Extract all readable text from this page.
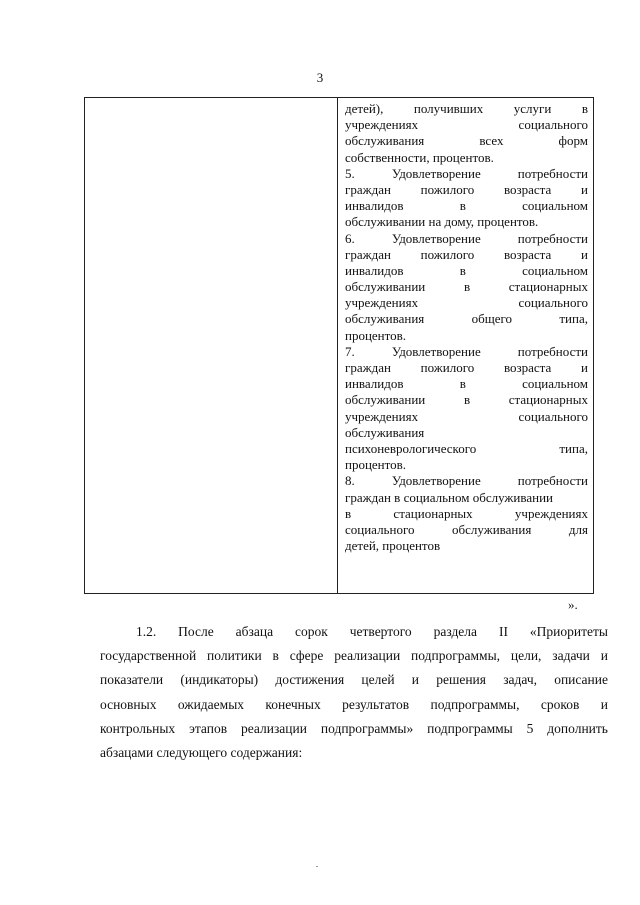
3
детей), получивших услуги в
учреждениях	социального
обслуживания	всех	форм
собственности, процентов.
5.	Удовлетворение	потребности
граждан пожилого возраста и
инвалидов	в	социальном
обслуживании на дому, процентов.
6.	Удовлетворение	потребности
граждан пожилого возраста и
инвалидов	в	социальном
обслуживании	в	стационарных
учреждениях	социального
обслуживания	общего	типа,
процентов.
7.	Удовлетворение	потребности
граждан пожилого возраста и
инвалидов	в	социальном
обслуживании	в	стационарных
учреждениях	социального
обслуживания
психоневрологического	типа,
процентов.
8.	Удовлетворение	потребности
граждан в социальном обслуживании
в	стационарных	учреждениях
социального	обслуживания	для
детей, процентов
».
1.2. После абзаца сорок четвертого раздела II «Приоритеты
государственной политики в сфере реализации подпрограммы, цели, задачи и
показатели (индикаторы) достижения целей и решения задач, описание
основных ожидаемых конечных результатов подпрограммы, сроков и
контрольных этапов реализации подпрограммы» подпрограммы 5 дополнить
абзацами следующего содержания:
